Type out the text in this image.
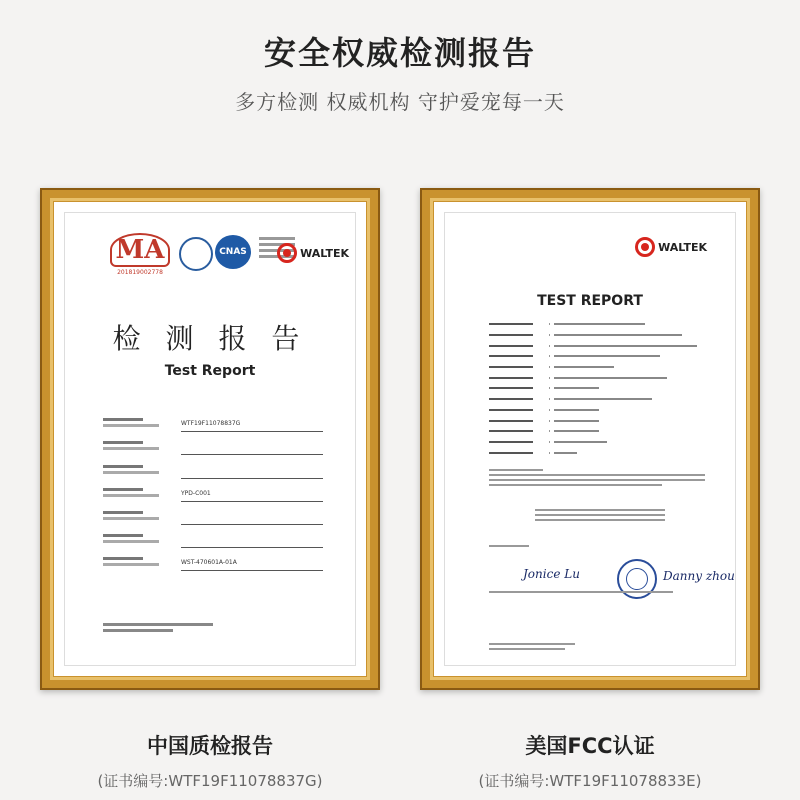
安全权威检测报告
多方检测 权威机构 守护爱宠每一天
MA
201819002778
CNAS	WALTEK
检 测 报 告
Test Report
WTF19F11078837G
YPD-C001
WST-470601A-01A
WALTEK
TEST REPORT
Jonice Lu	Danny zhou
中国质检报告
(证书编号:WTF19F11078837G)
美国FCC认证
(证书编号:WTF19F11078833E)
